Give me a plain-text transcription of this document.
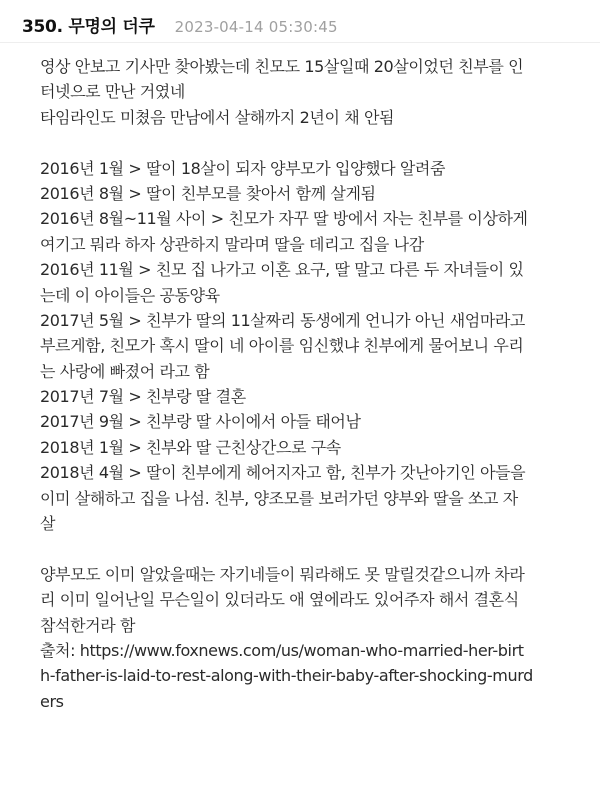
350. 무명의 더쿠 2023-04-14 05:30:45
영상 안보고 기사만 찾아봤는데 친모도 15살일때 20살이었던 친부를 인
터넷으로 만난 거였네
타임라인도 미쳤음 만남에서 살해까지 2년이 채 안됨
2016년 1월 > 딸이 18살이 되자 양부모가 입양했다 알려줌
2016년 8월 > 딸이 친부모를 찾아서 함께 살게됨
2016년 8월~11월 사이 > 친모가 자꾸 딸 방에서 자는 친부를 이상하게
여기고 뭐라 하자 상관하지 말라며 딸을 데리고 집을 나감
2016년 11월 > 친모 집 나가고 이혼 요구, 딸 말고 다른 두 자녀들이 있
는데 이 아이들은 공동양육
2017년 5월 > 친부가 딸의 11살짜리 동생에게 언니가 아닌 새엄마라고
부르게함, 친모가 혹시 딸이 네 아이를 임신했냐 친부에게 물어보니 우리
는 사랑에 빠졌어 라고 함
2017년 7월 > 친부랑 딸 결혼
2017년 9월 > 친부랑 딸 사이에서 아들 태어남
2018년 1월 > 친부와 딸 근친상간으로 구속
2018년 4월 > 딸이 친부에게 헤어지자고 함, 친부가 갓난아기인 아들을
이미 살해하고 집을 나섬. 친부, 양조모를 보러가던 양부와 딸을 쏘고 자
살
양부모도 이미 알았을때는 자기네들이 뭐라해도 못 말릴것같으니까 차라
리 이미 일어난일 무슨일이 있더라도 애 옆에라도 있어주자 해서 결혼식
참석한거라 함
출처: https://www.foxnews.com/us/woman-who-married-her-birt
h-father-is-laid-to-rest-along-with-their-baby-after-shocking-murd
ers
